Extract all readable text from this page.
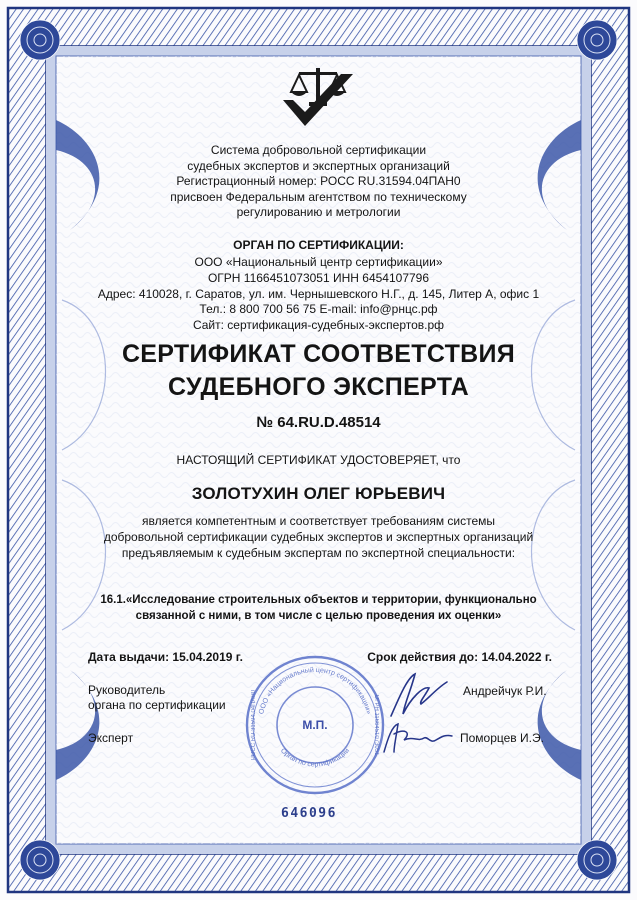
Система добровольной сертификации
судебных экспертов и экспертных организаций
Регистрационный номер: РОСС RU.31594.04ПАН0
присвоен Федеральным агентством по техническому
регулированию и метрологии
ОРГАН ПО СЕРТИФИКАЦИИ:
ООО «Национальный центр сертификации»
ОГРН 1166451073051 ИНН 6454107796
Адрес: 410028, г. Саратов, ул. им. Чернышевского Н.Г., д. 145, Литер А, офис 1
Тел.: 8 800 700 56 75 E-mail: info@рнцс.рф
Сайт: сертификация-судебных-экспертов.рф
СЕРТИФИКАТ СООТВЕТСТВИЯ
СУДЕБНОГО ЭКСПЕРТА
№ 64.RU.D.48514
НАСТОЯЩИЙ СЕРТИФИКАТ УДОСТОВЕРЯЕТ, что
ЗОЛОТУХИН ОЛЕГ ЮРЬЕВИЧ
является компетентным и соответствует требованиям системы
добровольной сертификации судебных экспертов и экспертных организаций
предъявляемым к судебным экспертам по экспертной специальности:
16.1.«Исследование строительных объектов и территории, функционально
связанной с ними, в том числе с целью проведения их оценки»
Дата выдачи: 15.04.2019 г.	Срок действия до: 14.04.2022 г.
ООО «Национальный центр сертификации»
Орган по сертификации	ОГРН 1166451073051
РОСС RU.31594.04ПАН0	М.П.
Руководитель
органа по сертификации
Андрейчук Р.И.
Эксперт	Поморцев И.Э.
646096
